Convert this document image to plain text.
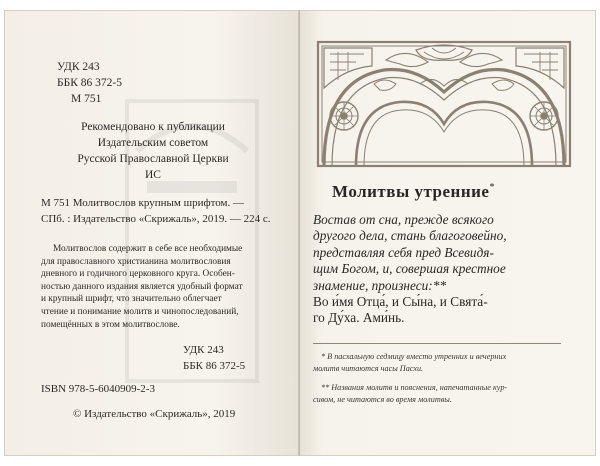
УДК 243
ББК 86 372-5
М 751
Рекомендовано к публикации
Издательским советом
Русской Православной Церкви
ИС
М 751 Молитвослов крупным шрифтом. —
СПб. : Издательство «Скрижаль», 2019. — 224 с.
Молитвослов содержит в себе все необходимые
для православного христианина молитвословия
дневного и годичного церковного круга. Особен-
ностью данного издания является удобный формат
и крупный шрифт, что значительно облегчает
чтение и понимание молитв и чинопоследований,
помещённых в этом молитвослове.
УДК 243
ББК 86 372-5
ISBN 978-5-6040909-2-3
© Издательство «Скрижаль», 2019
Молитвы утренние*
Востав от сна, прежде всякого
другого дела, стань благоговейно,
представляя себя пред Всевидя-
щим Богом, и, совершая крестное
знамение, произнеси:**
Во и́мя Отца́, и Сы́на, и Свята́-
го Ду́ха. Ами́нь.
* В пасхальную седмицу вместо утренних и вечерних
молитв читаются часы Пасхи.
** Названия молитв и пояснения, напечатанные кур-
сивом, не читаются во время молитвы.
